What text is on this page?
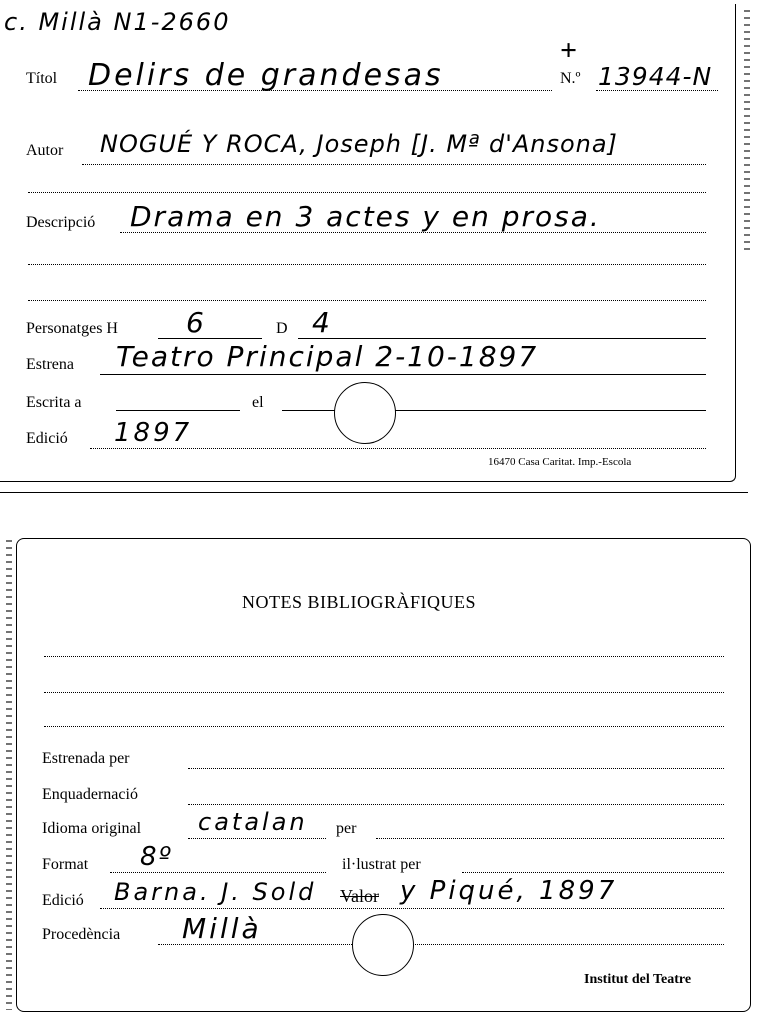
c. Millà N1-2660
+
Títol Delirs de grandesas	N.º 13944-N
Autor NOGUÉ Y ROCA, Joseph [J. Mª d'Ansona]
Descripció Drama en 3 actes y en prosa.
Personatges H 6	D 4
Estrena Teatro Principal 2-10-1897
Escrita a	el
Edició 1897
16470 Casa Caritat. Imp.-Escola
NOTES BIBLIOGRÀFIQUES
Estrenada per
Enquadernació
Idioma original catalan per
Format 8º	il·lustrat per
Edició Barna. J. Sold Valor y Piqué, 1897
Procedència Millà
Institut del Teatre
